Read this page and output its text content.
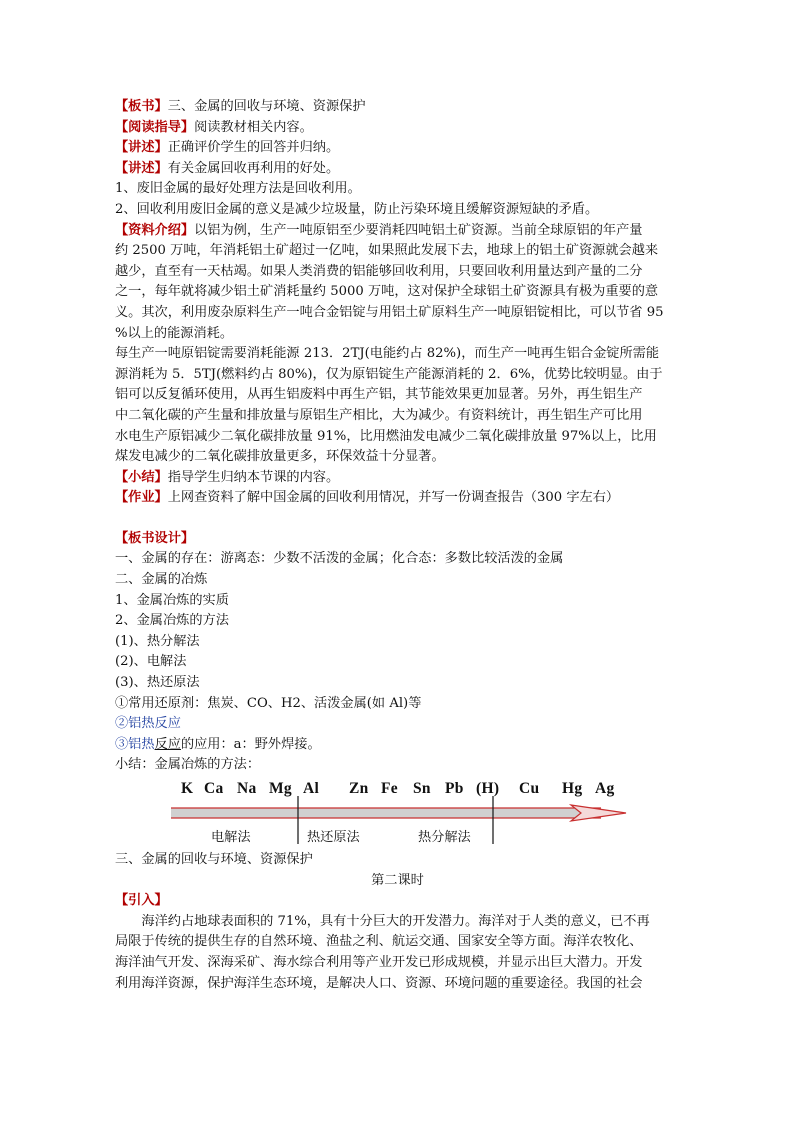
【板书】三、金属的回收与环境、资源保护
【阅读指导】阅读教材相关内容。
【讲述】正确评价学生的回答并归纳。
【讲述】有关金属回收再利用的好处。
1、废旧金属的最好处理方法是回收利用。
2、回收利用废旧金属的意义是减少垃圾量，防止污染环境且缓解资源短缺的矛盾。
【资料介绍】以铝为例，生产一吨原铝至少要消耗四吨铝土矿资源。当前全球原铝的年产量
约 2500 万吨，年消耗铝土矿超过一亿吨，如果照此发展下去，地球上的铝土矿资源就会越来
越少，直至有一天枯竭。如果人类消费的铝能够回收利用，只要回收利用量达到产量的二分
之一，每年就将减少铝土矿消耗量约 5000 万吨，这对保护全球铝土矿资源具有极为重要的意
义。其次，利用废杂原料生产一吨合金铝锭与用铝土矿原料生产一吨原铝锭相比，可以节省 95
%以上的能源消耗。
每生产一吨原铝锭需要消耗能源 213．2TJ(电能约占 82%)，而生产一吨再生铝合金锭所需能
源消耗为 5．5TJ(燃料约占 80%)，仅为原铝锭生产能源消耗的 2．6%，优势比较明显。由于
铝可以反复循环使用，从再生铝废料中再生产铝，其节能效果更加显著。另外，再生铝生产
中二氧化碳的产生量和排放量与原铝生产相比，大为减少。有资料统计，再生铝生产可比用
水电生产原铝减少二氧化碳排放量 91%，比用燃油发电减少二氧化碳排放量 97%以上，比用
煤发电减少的二氧化碳排放量更多，环保效益十分显著。
【小结】指导学生归纳本节课的内容。
【作业】上网查资料了解中国金属的回收利用情况，并写一份调查报告（300 字左右）
【板书设计】
一、金属的存在：游离态：少数不活泼的金属；化合态：多数比较活泼的金属
二、金属的冶炼
1、金属冶炼的实质
2、金属冶炼的方法
(1)、热分解法
(2)、电解法
(3)、热还原法
①常用还原剂：焦炭、CO、H2、活泼金属(如 Al)等
②铝热反应
③铝热反应的应用：a：野外焊接。
小结：金属冶炼的方法：
K Ca Na Mg Al Zn Fe Sn Pb (H) Cu Hg Ag
电解法	热还原法	热分解法
三、金属的回收与环境、资源保护
第二课时
【引入】
海洋约占地球表面积的 71%，具有十分巨大的开发潜力。海洋对于人类的意义，已不再
局限于传统的提供生存的自然环境、渔盐之利、航运交通、国家安全等方面。海洋农牧化、
海洋油气开发、深海采矿、海水综合利用等产业开发已形成规模，并显示出巨大潜力。开发
利用海洋资源，保护海洋生态环境，是解决人口、资源、环境问题的重要途径。我国的社会
